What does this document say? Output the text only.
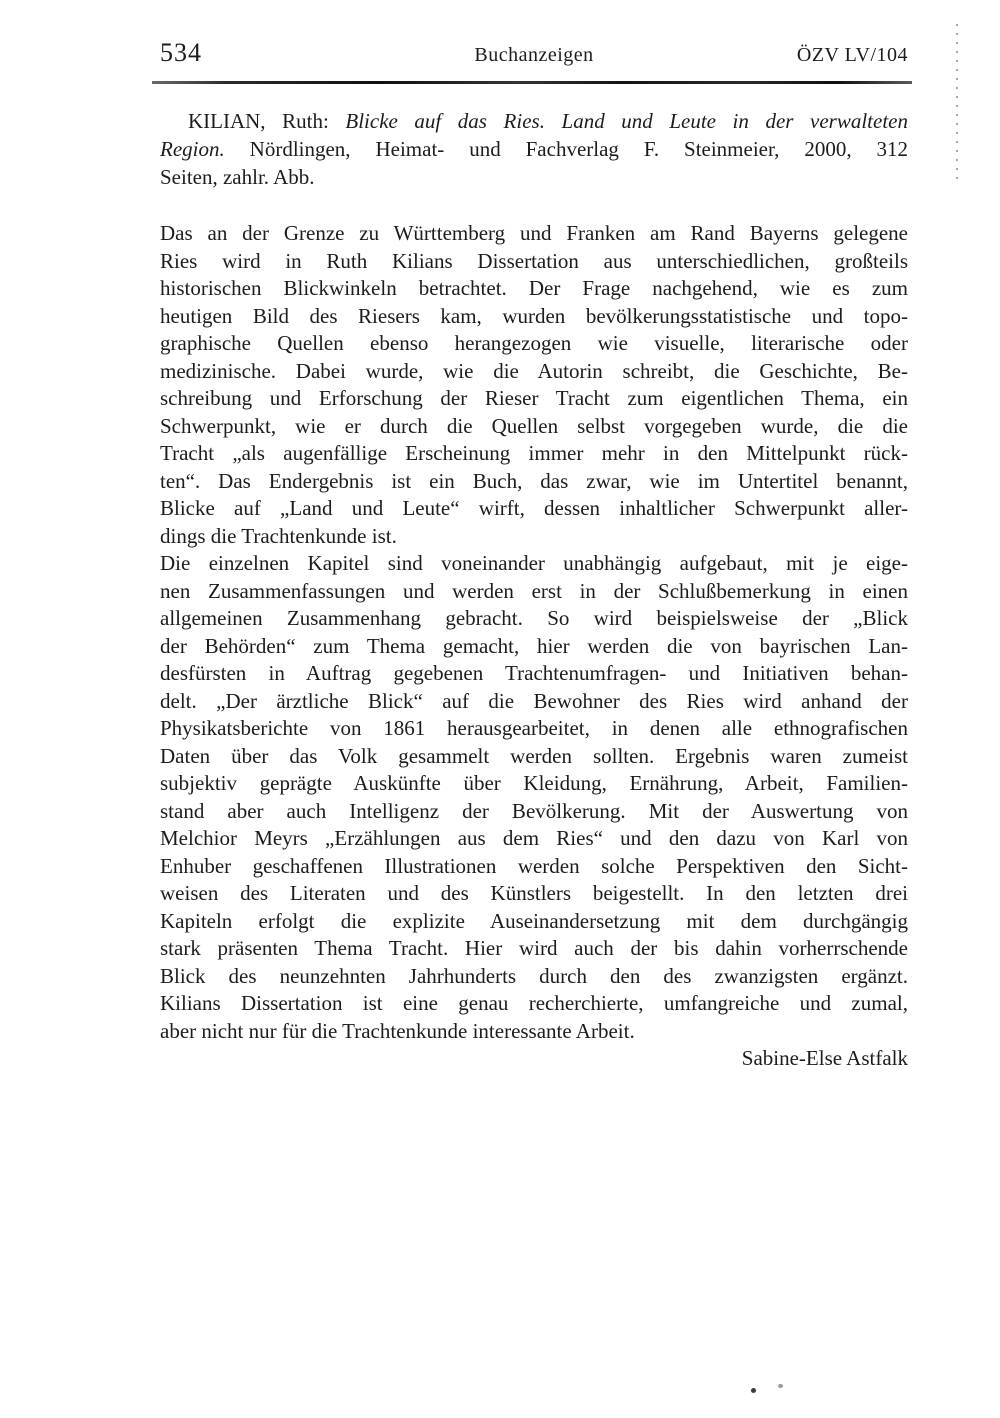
534	Buchanzeigen	ÖZV LV/104
KILIAN, Ruth: Blicke auf das Ries. Land und Leute in der verwalteten
Region. Nördlingen, Heimat- und Fachverlag F. Steinmeier, 2000, 312
Seiten, zahlr. Abb.
Das an der Grenze zu Württemberg und Franken am Rand Bayerns gelegene
Ries wird in Ruth Kilians Dissertation aus unterschiedlichen, großteils
historischen Blickwinkeln betrachtet. Der Frage nachgehend, wie es zum
heutigen Bild des Riesers kam, wurden bevölkerungsstatistische und topo-
graphische Quellen ebenso herangezogen wie visuelle, literarische oder
medizinische. Dabei wurde, wie die Autorin schreibt, die Geschichte, Be-
schreibung und Erforschung der Rieser Tracht zum eigentlichen Thema, ein
Schwerpunkt, wie er durch die Quellen selbst vorgegeben wurde, die die
Tracht „als augenfällige Erscheinung immer mehr in den Mittelpunkt rück-
ten“. Das Endergebnis ist ein Buch, das zwar, wie im Untertitel benannt,
Blicke auf „Land und Leute“ wirft, dessen inhaltlicher Schwerpunkt aller-
dings die Trachtenkunde ist.
Die einzelnen Kapitel sind voneinander unabhängig aufgebaut, mit je eige-
nen Zusammenfassungen und werden erst in der Schlußbemerkung in einen
allgemeinen Zusammenhang gebracht. So wird beispielsweise der „Blick
der Behörden“ zum Thema gemacht, hier werden die von bayrischen Lan-
desfürsten in Auftrag gegebenen Trachtenumfragen- und Initiativen behan-
delt. „Der ärztliche Blick“ auf die Bewohner des Ries wird anhand der
Physikatsberichte von 1861 herausgearbeitet, in denen alle ethnografischen
Daten über das Volk gesammelt werden sollten. Ergebnis waren zumeist
subjektiv geprägte Auskünfte über Kleidung, Ernährung, Arbeit, Familien-
stand aber auch Intelligenz der Bevölkerung. Mit der Auswertung von
Melchior Meyrs „Erzählungen aus dem Ries“ und den dazu von Karl von
Enhuber geschaffenen Illustrationen werden solche Perspektiven den Sicht-
weisen des Literaten und des Künstlers beigestellt. In den letzten drei
Kapiteln erfolgt die explizite Auseinandersetzung mit dem durchgängig
stark präsenten Thema Tracht. Hier wird auch der bis dahin vorherrschende
Blick des neunzehnten Jahrhunderts durch den des zwanzigsten ergänzt.
Kilians Dissertation ist eine genau recherchierte, umfangreiche und zumal,
aber nicht nur für die Trachtenkunde interessante Arbeit.
Sabine-Else Astfalk
